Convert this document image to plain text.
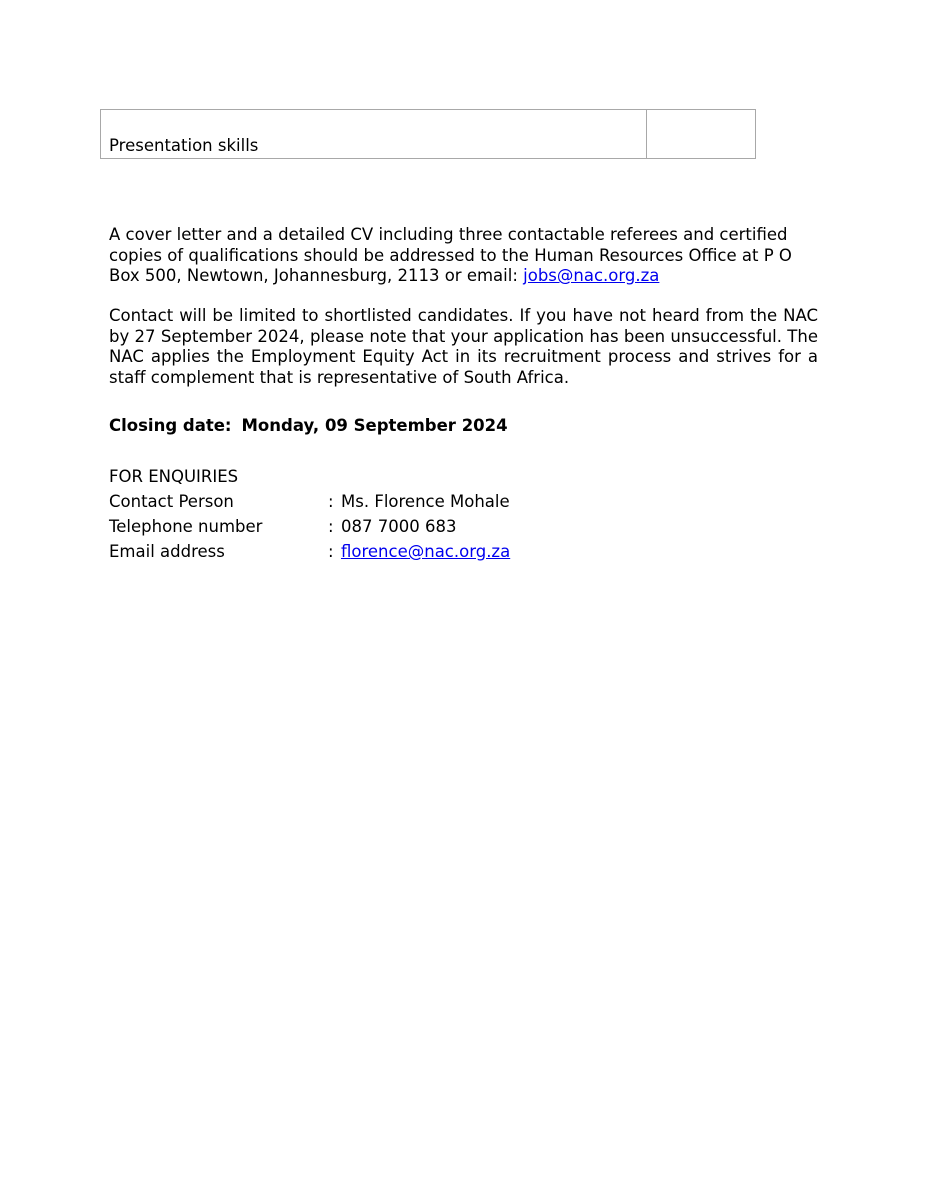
Presentation skills

A cover letter and a detailed CV including three contactable referees and certified copies of qualifications should be addressed to the Human Resources Office at P O Box 500, Newtown, Johannesburg, 2113 or email: jobs@nac.org.za

Contact will be limited to shortlisted candidates. If you have not heard from the NAC by 27 September 2024, please note that your application has been unsuccessful. The NAC applies the Employment Equity Act in its recruitment process and strives for a staff complement that is representative of South Africa.

Closing date: Monday, 09 September 2024
FOR ENQUIRIES
Contact Person	: Ms. Florence Mohale
Telephone number	: 087 7000 683
Email address	: florence@nac.org.za
